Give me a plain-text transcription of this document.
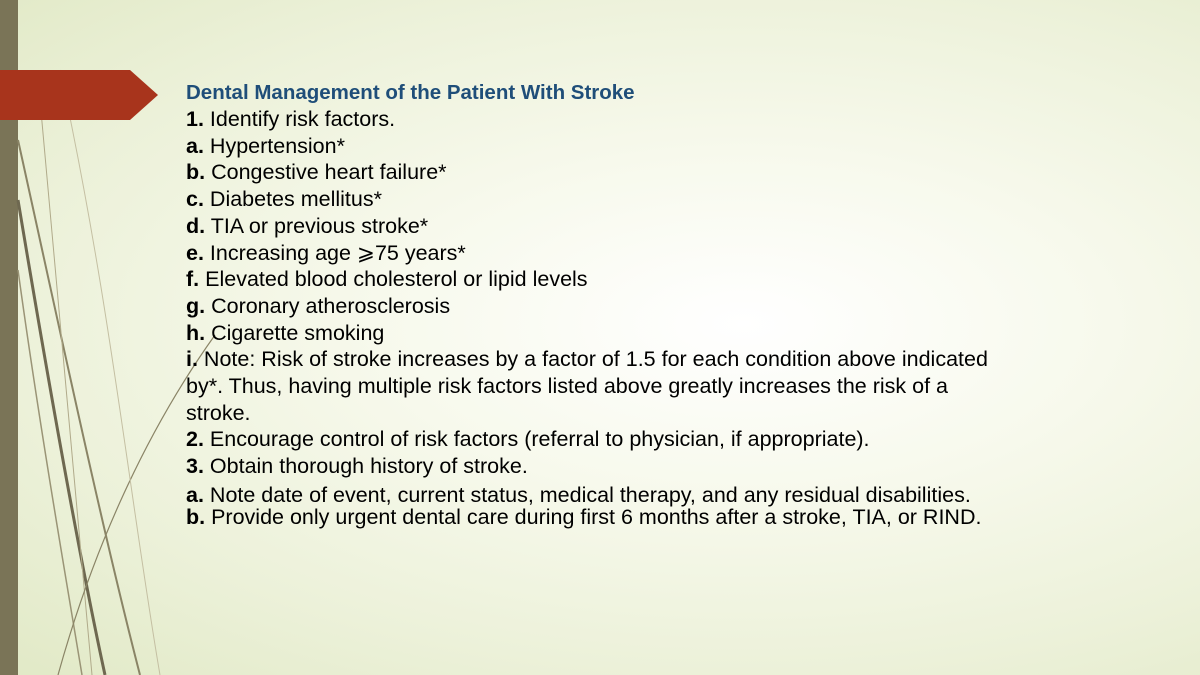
Dental Management of the Patient With Stroke

1. Identify risk factors.

a. Hypertension*

b. Congestive heart failure*

c. Diabetes mellitus*

d. TIA or previous stroke*

e. Increasing age ⩾75 years*

f. Elevated blood cholesterol or lipid levels

g. Coronary atherosclerosis

h. Cigarette smoking

i. Note: Risk of stroke increases by a factor of 1.5 for each condition above indicated

by*. Thus, having multiple risk factors listed above greatly increases the risk of a

stroke.

2. Encourage control of risk factors (referral to physician, if appropriate).

3. Obtain thorough history of stroke.

a. Note date of event, current status, medical therapy, and any residual disabilities.

b. Provide only urgent dental care during first 6 months after a stroke, TIA, or RIND.
